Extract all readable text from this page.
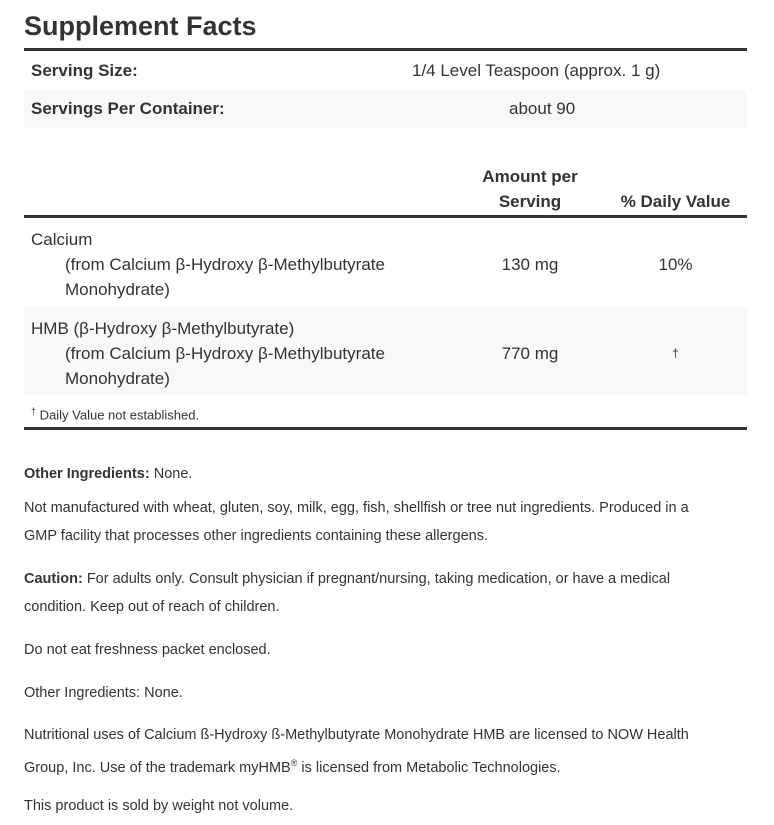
Supplement Facts
Serving Size:	1/4 Level Teaspoon (approx. 1 g)
Servings Per Container:	about 90
Amount per
Serving	% Daily Value
Calcium
(from Calcium β-Hydroxy β-Methylbutyrate
Monohydrate)
130 mg	10%
HMB (β-Hydroxy β-Methylbutyrate)
(from Calcium β-Hydroxy β-Methylbutyrate
Monohydrate)
770 mg	†
† Daily Value not established.

Other Ingredients: None.

Not manufactured with wheat, gluten, soy, milk, egg, fish, shellfish or tree nut ingredients. Produced in a
GMP facility that processes other ingredients containing these allergens.

Caution: For adults only. Consult physician if pregnant/nursing, taking medication, or have a medical
condition. Keep out of reach of children.

Do not eat freshness packet enclosed.

Other Ingredients: None.

Nutritional uses of Calcium ß-Hydroxy ß-Methylbutyrate Monohydrate HMB are licensed to NOW Health
Group, Inc. Use of the trademark myHMB® is licensed from Metabolic Technologies.

This product is sold by weight not volume.
